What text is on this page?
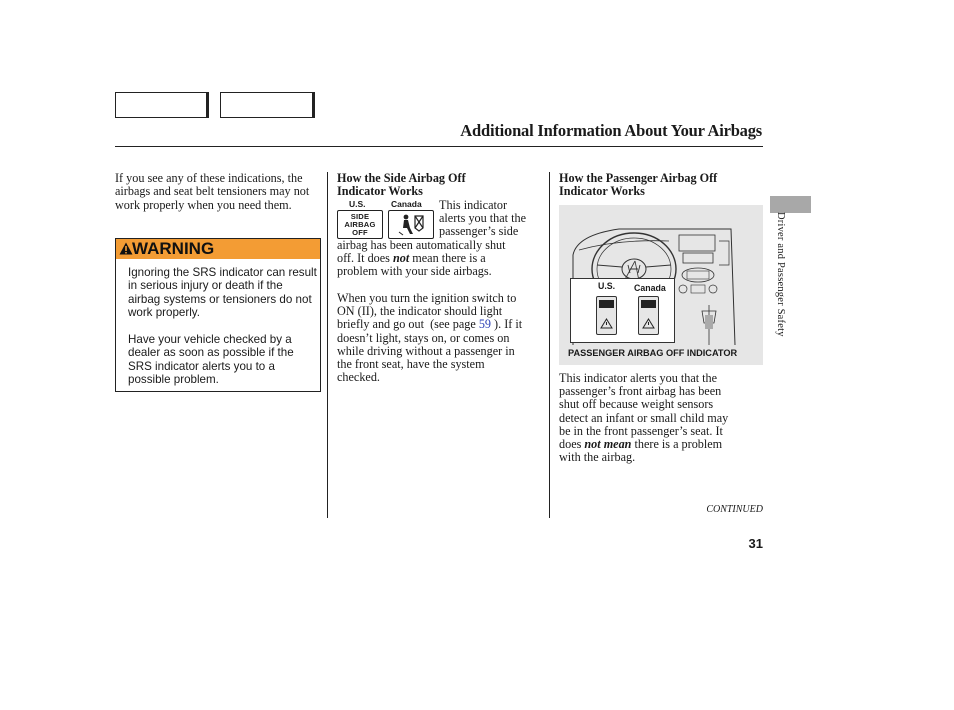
Additional Information About Your Airbags
If you see any of these indications, the airbags and seat belt tensioners may not work properly when you need them.
WARNING
Ignoring the SRS indicator can result in serious injury or death if the airbag systems or tensioners do not work properly.
Have your vehicle checked by a dealer as soon as possible if the SRS indicator alerts you to a possible problem.
How the Side Airbag Off
Indicator Works
U.S.	Canada
SIDE
AIRBAG
OFF
This indicator
alerts you that the
passenger’s side
airbag has been automatically shut
off. It does not mean there is a
problem with your side airbags.
When you turn the ignition switch to
ON (II), the indicator should light
briefly and go out  (see page 59 ). If it
doesn’t light, stays on, or comes on
while driving without a passenger in
the front seat, have the system
checked.
How the Passenger Airbag Off
Indicator Works
U.S. Canada
PASSENGER AIRBAG OFF INDICATOR
This indicator alerts you that the
passenger’s front airbag has been
shut off because weight sensors
detect an infant or small child may
be in the front passenger’s seat. It
does not mean there is a problem
with the airbag.
CONTINUED
31
Driver and Passenger Safety
